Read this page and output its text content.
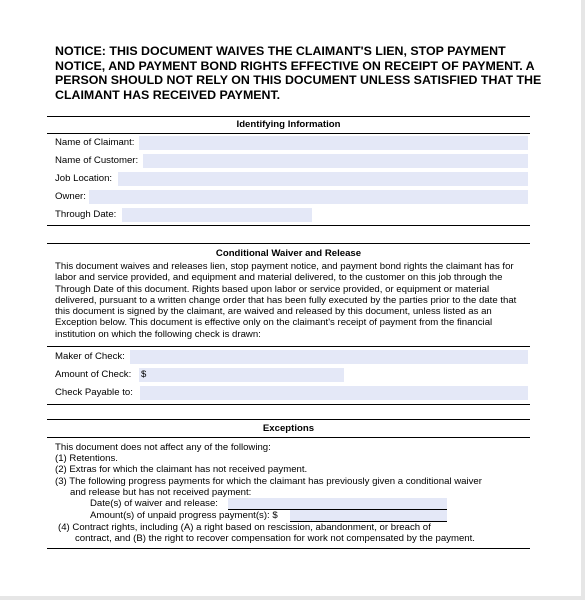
NOTICE: THIS DOCUMENT WAIVES THE CLAIMANT'S LIEN, STOP PAYMENT NOTICE, AND PAYMENT BOND RIGHTS EFFECTIVE ON RECEIPT OF PAYMENT. A PERSON SHOULD NOT RELY ON THIS DOCUMENT UNLESS SATISFIED THAT THE CLAIMANT HAS RECEIVED PAYMENT.

Identifying Information
Name of Claimant:
Name of Customer:
Job Location:
Owner:
Through Date:
Conditional Waiver and Release

This document waives and releases lien, stop payment notice, and payment bond rights the claimant has for labor and service provided, and equipment and material delivered, to the customer on this job through the Through Date of this document. Rights based upon labor or service provided, or equipment or material delivered, pursuant to a written change order that has been fully executed by the parties prior to the date that this document is signed by the claimant, are waived and released by this document, unless listed as an Exception below. This document is effective only on the claimant's receipt of payment from the financial institution on which the following check is drawn:

Maker of Check:
Amount of Check: $
Check Payable to:
Exceptions
This document does not affect any of the following:
(1) Retentions.
(2) Extras for which the claimant has not received payment.
(3) The following progress payments for which the claimant has previously given a conditional waiver
and release but has not received payment:
Date(s) of waiver and release:
Amount(s) of unpaid progress payment(s): $
(4) Contract rights, including (A) a right based on rescission, abandonment, or breach of
contract, and (B) the right to recover compensation for work not compensated by the payment.
